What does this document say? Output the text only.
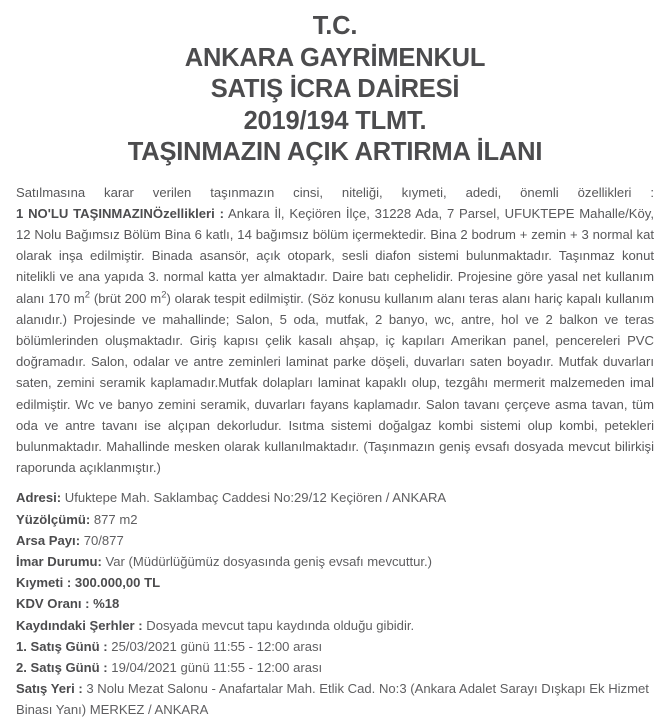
T.C.
ANKARA GAYRİMENKUL
SATIŞ İCRA DAİRESİ
2019/194 TLMT.
TAŞINMAZIN AÇIK ARTIRMA İLANI

Satılmasına karar verilen taşınmazın cinsi, niteliği, kıymeti, adedi, önemli özellikleri : 1 NO'LU TAŞINMAZINÖzellikleri : Ankara İl, Keçiören İlçe, 31228 Ada, 7 Parsel, UFUKTEPE Mahalle/Köy, 12 Nolu Bağımsız Bölüm Bina 6 katlı, 14 bağımsız bölüm içermektedir. Bina 2 bodrum + zemin + 3 normal kat olarak inşa edilmiştir. Binada asansör, açık otopark, sesli diafon sistemi bulunmaktadır. Taşınmaz konut nitelikli ve ana yapıda 3. normal katta yer almaktadır. Daire batı cephelidir. Projesine göre yasal net kullanım alanı 170 $m^2$ (brüt 200 $m^2$) olarak tespit edilmiştir. (Söz konusu kullanım alanı teras alanı hariç kapalı kullanım alanıdır.) Projesinde ve mahallinde; Salon, 5 oda, mutfak, 2 banyo, wc, antre, hol ve 2 balkon ve teras bölümlerinden oluşmaktadır. Giriş kapısı çelik kasalı ahşap, iç kapıları Amerikan panel, pencereleri PVC doğramadır. Salon, odalar ve antre zeminleri laminat parke döşeli, duvarları saten boyadır. Mutfak duvarları saten, zemini seramik kaplamadır.Mutfak dolapları laminat kapaklı olup, tezgâhı mermerit malzemeden imal edilmiştir. Wc ve banyo zemini seramik, duvarları fayans kaplamadır. Salon tavanı çerçeve asma tavan, tüm oda ve antre tavanı ise alçıpan dekorludur. Isıtma sistemi doğalgaz kombi sistemi olup kombi, petekleri bulunmaktadır. Mahallinde mesken olarak kullanılmaktadır. (Taşınmazın geniş evsafı dosyada mevcut bilirkişi raporunda açıklanmıştır.)

Adresi: Ufuktepe Mah. Saklambaç Caddesi No:29/12 Keçiören / ANKARA
Yüzölçümü: 877 m2
Arsa Payı: 70/877
İmar Durumu: Var (Müdürlüğümüz dosyasında geniş evsafı mevcuttur.)
Kıymeti : 300.000,00 TL
KDV Oranı : %18
Kaydındaki Şerhler : Dosyada mevcut tapu kaydında olduğu gibidir.
1. Satış Günü : 25/03/2021 günü 11:55 - 12:00 arası
2. Satış Günü : 19/04/2021 günü 11:55 - 12:00 arası
Satış Yeri : 3 Nolu Mezat Salonu - Anafartalar Mah. Etlik Cad. No:3 (Ankara Adalet Sarayı Dışkapı Ek Hizmet Binası Yanı) MERKEZ / ANKARA
